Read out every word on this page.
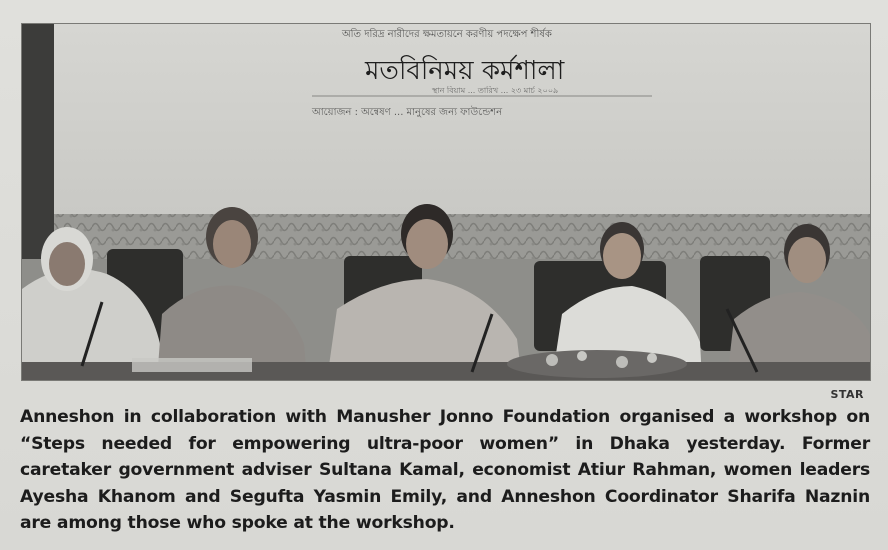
অতি দরিদ্র নারীদের ক্ষমতায়নে করণীয় পদক্ষেপ শীর্ষক
মতবিনিময় কর্মশালা
স্থান বিয়াম ... তারিখ ... ২৩ মার্চ ২০০৯
আয়োজন : অন্বেষণ ... মানুষের জন্য ফাউন্ডেশন
STAR

Anneshon in collaboration with Manusher Jonno Foundation organised a workshop on “Steps needed for empowering ultra-poor women” in Dhaka yesterday. Former caretaker government adviser Sultana Kamal, economist Atiur Rahman, women leaders Ayesha Khanom and Segufta Yasmin Emily, and Anneshon Coordinator Sharifa Naznin are among those who spoke at the workshop.
